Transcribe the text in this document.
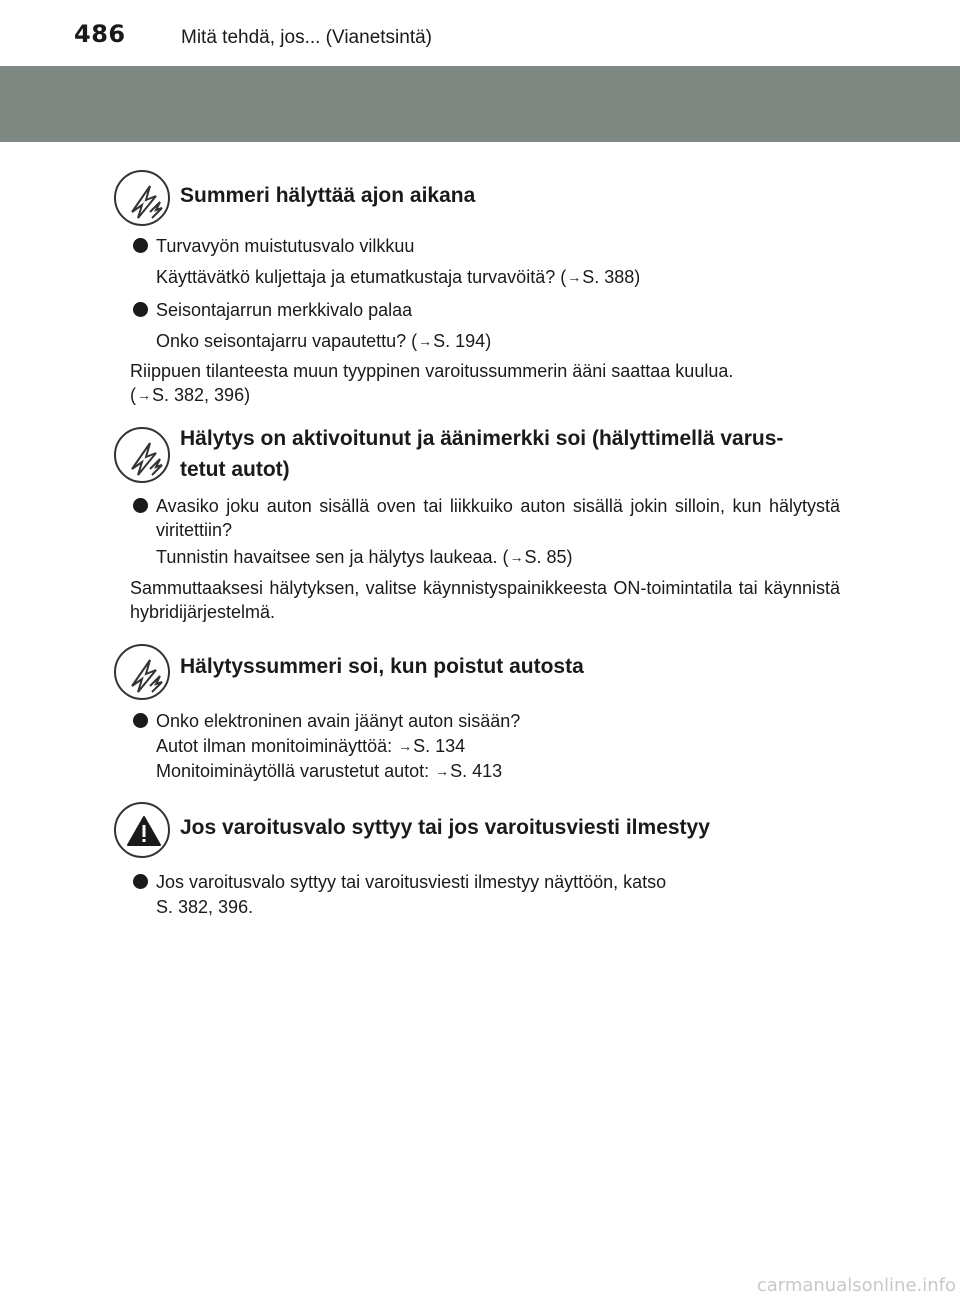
486	Mitä tehdä, jos... (Vianetsintä)
Summeri hälyttää ajon aikana
Turvavyön muistutusvalo vilkkuu
Käyttävätkö kuljettaja ja etumatkustaja turvavöitä? (→S. 388)
Seisontajarrun merkkivalo palaa
Onko seisontajarru vapautettu? (→S. 194)
Riippuen tilanteesta muun tyyppinen varoitussummerin ääni saattaa kuulua.
(→S. 382, 396)
Hälytys on aktivoitunut ja äänimerkki soi (hälyttimellä varus-
tetut autot)
Avasiko joku auton sisällä oven tai liikkuiko auton sisällä jokin silloin, kun hälytystä viritettiin?
Tunnistin havaitsee sen ja hälytys laukeaa. (→S. 85)
Sammuttaaksesi hälytyksen, valitse käynnistyspainikkeesta ON-toimintatila tai käynnistä hybridijärjestelmä.
Hälytyssummeri soi, kun poistut autosta
Onko elektroninen avain jäänyt auton sisään?
Autot ilman monitoiminäyttöä: →S. 134
Monitoiminäytöllä varustetut autot: →S. 413
Jos varoitusvalo syttyy tai jos varoitusviesti ilmestyy
Jos varoitusvalo syttyy tai varoitusviesti ilmestyy näyttöön, katso
S. 382, 396.
carmanualsonline.info
